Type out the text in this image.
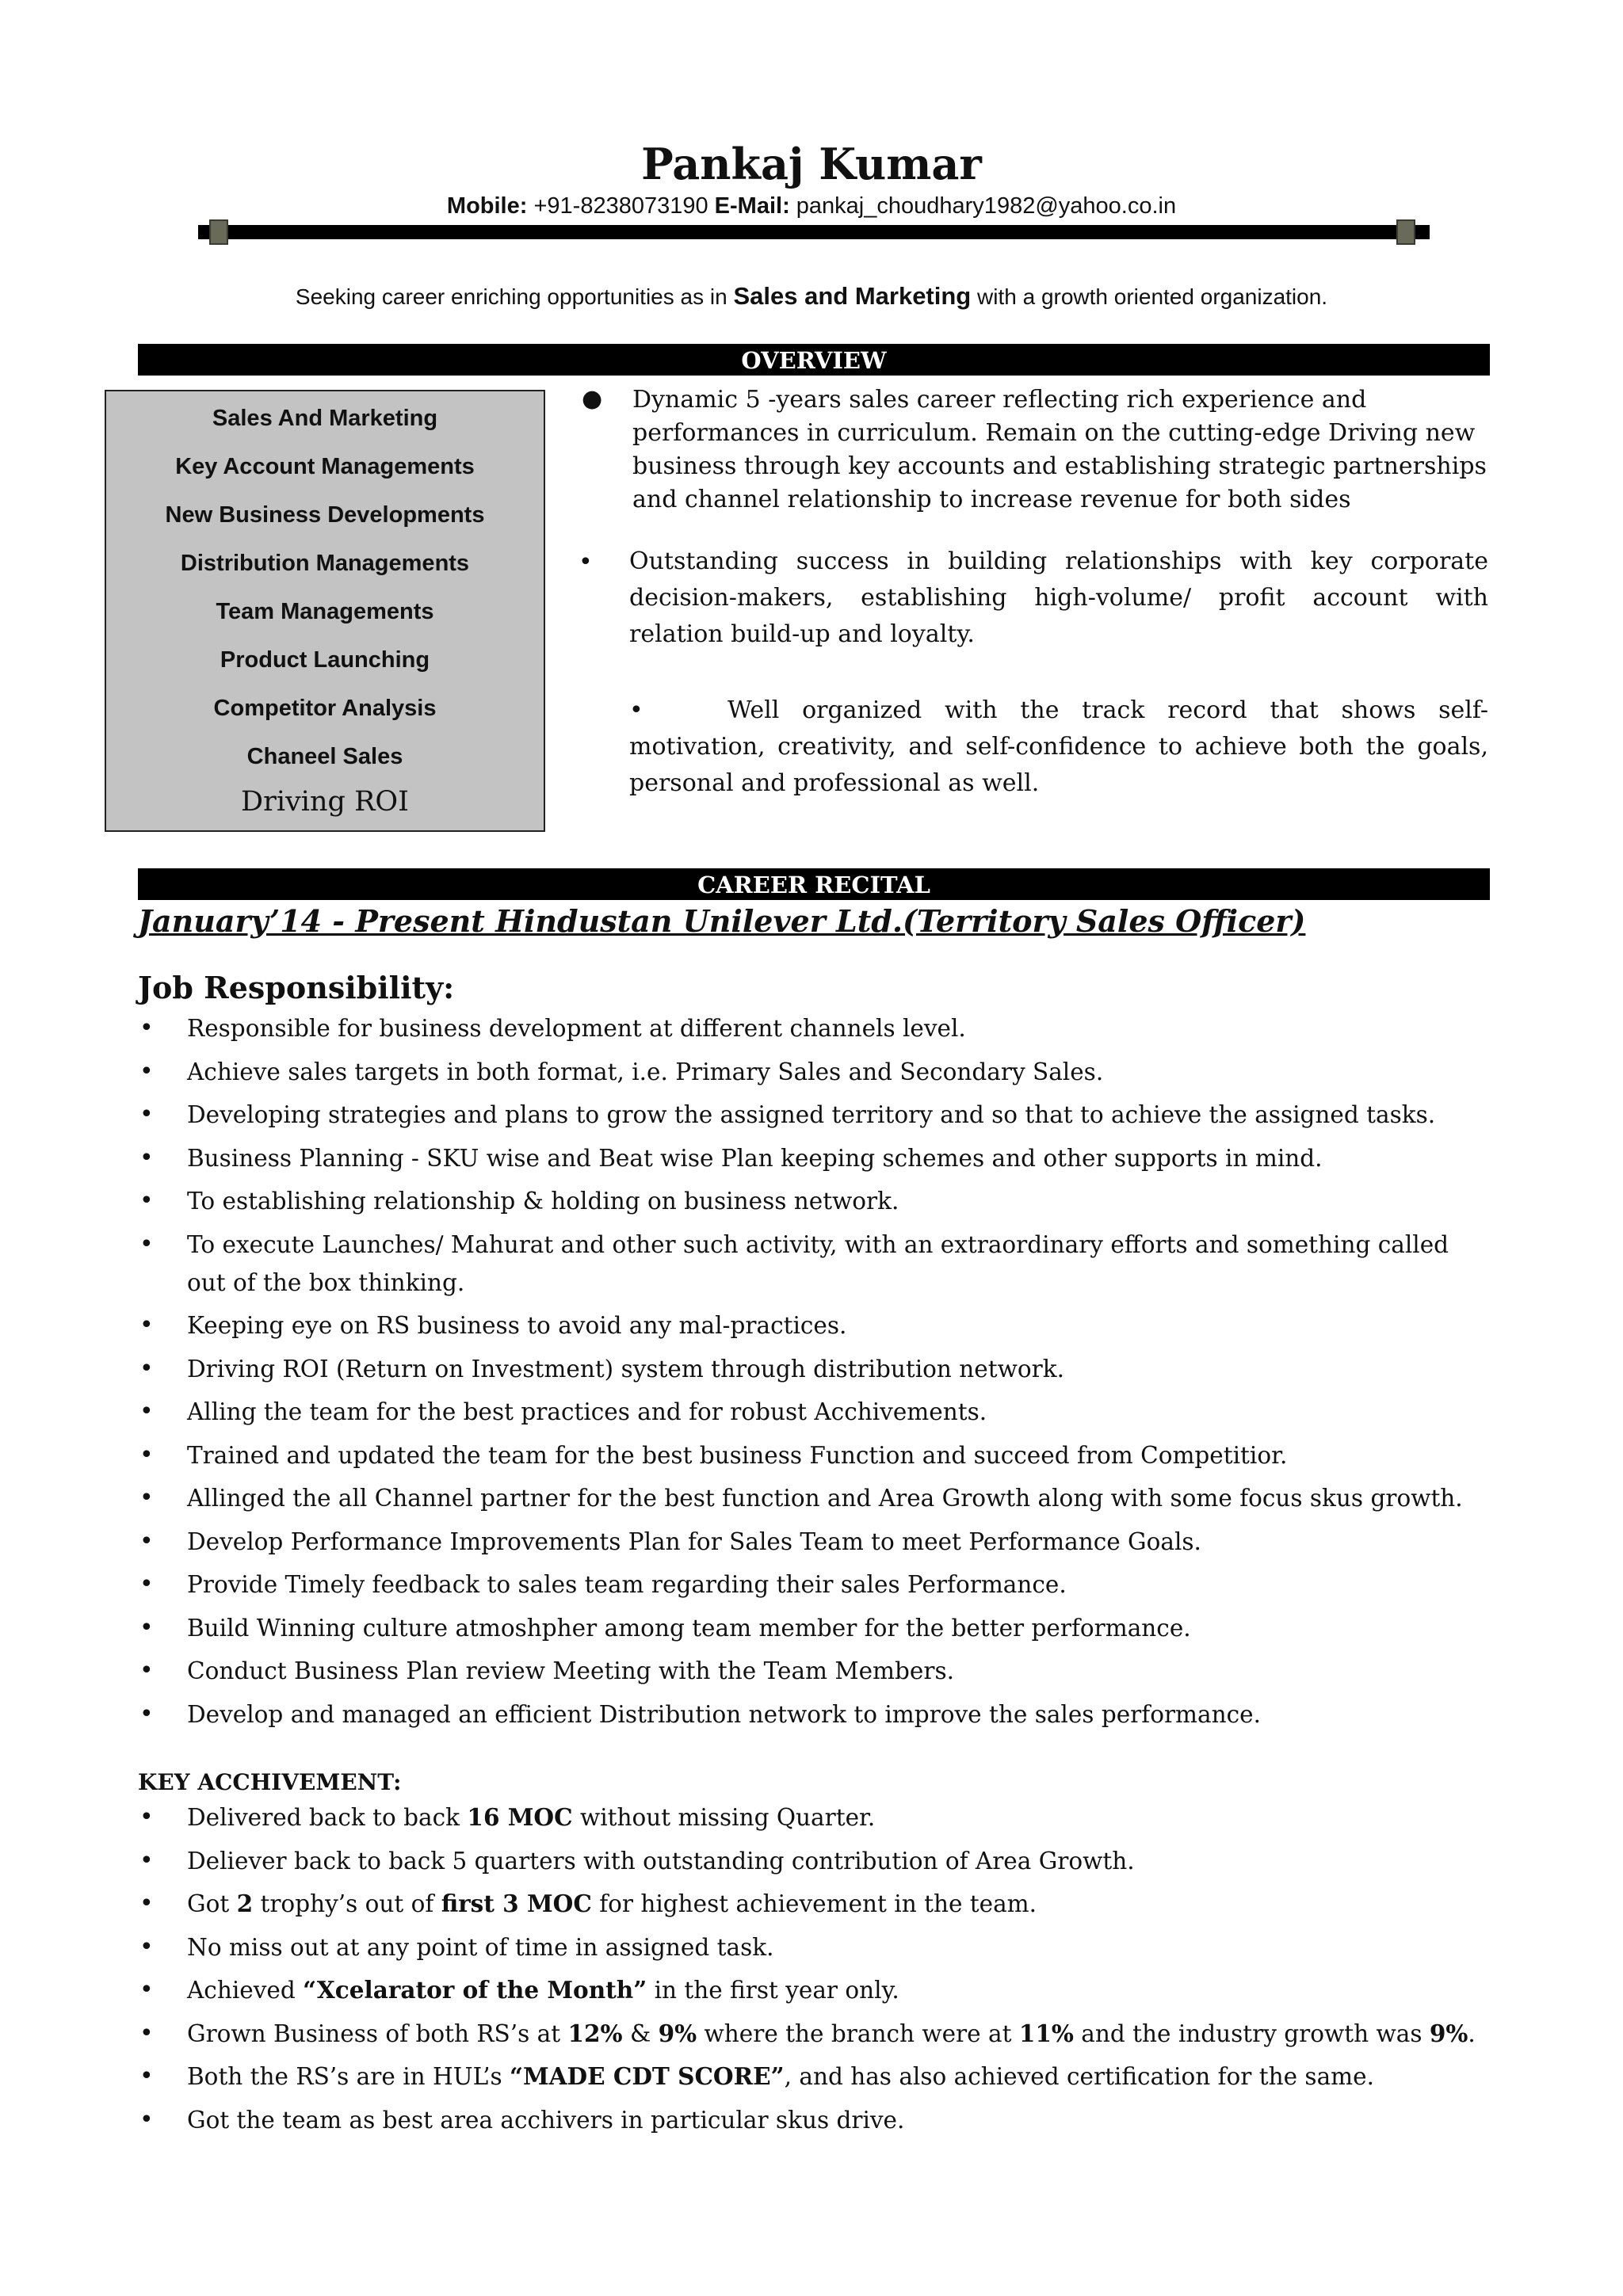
Pankaj Kumar
Mobile: +91-8238073190 E-Mail: pankaj_choudhary1982@yahoo.co.in
Seeking career enriching opportunities as in Sales and Marketing with a growth oriented organization.
OVERVIEW
Sales And Marketing
Key Account Managements
New Business Developments
Distribution Managements
Team Managements
Product Launching
Competitor Analysis
Chaneel Sales
Driving ROI
● Dynamic 5 -years sales career reflecting rich experience and performances in curriculum. Remain on the cutting-edge Driving new business through key accounts and establishing strategic partnerships and channel relationship to increase revenue for both sides
• Outstanding success in building relationships with key corporate decision-makers, establishing high-volume/ profit account with relation build-up and loyalty.
•	Well organized with the track record that shows self-motivation, creativity, and self-confidence to achieve both the goals, personal and professional as well.
CAREER RECITAL
January’14 - Present Hindustan Unilever Ltd.(Territory Sales Officer)
Job Responsibility:
• Responsible for business development at different channels level.
• Achieve sales targets in both format, i.e. Primary Sales and Secondary Sales.
• Developing strategies and plans to grow the assigned territory and so that to achieve the assigned tasks.
• Business Planning - SKU wise and Beat wise Plan keeping schemes and other supports in mind.
• To establishing relationship & holding on business network.
• To execute Launches/ Mahurat and other such activity, with an extraordinary efforts and something called out of the box thinking.
• Keeping eye on RS business to avoid any mal-practices.
• Driving ROI (Return on Investment) system through distribution network.
• Alling the team for the best practices and for robust Acchivements.
• Trained and updated the team for the best business Function and succeed from Competitior.
• Allinged the all Channel partner for the best function and Area Growth along with some focus skus growth.
• Develop Performance Improvements Plan for Sales Team to meet Performance Goals.
• Provide Timely feedback to sales team regarding their sales Performance.
• Build Winning culture atmoshpher among team member for the better performance.
• Conduct Business Plan review Meeting with the Team Members.
• Develop and managed an efficient Distribution network to improve the sales performance.
KEY ACCHIVEMENT:
• Delivered back to back 16 MOC without missing Quarter.
• Deliever back to back 5 quarters with outstanding contribution of Area Growth.
• Got 2 trophy’s out of first 3 MOC for highest achievement in the team.
• No miss out at any point of time in assigned task.
• Achieved “Xcelarator of the Month” in the first year only.
• Grown Business of both RS’s at 12% & 9% where the branch were at 11% and the industry growth was 9%.
• Both the RS’s are in HUL’s “MADE CDT SCORE”, and has also achieved certification for the same.
• Got the team as best area acchivers in particular skus drive.
